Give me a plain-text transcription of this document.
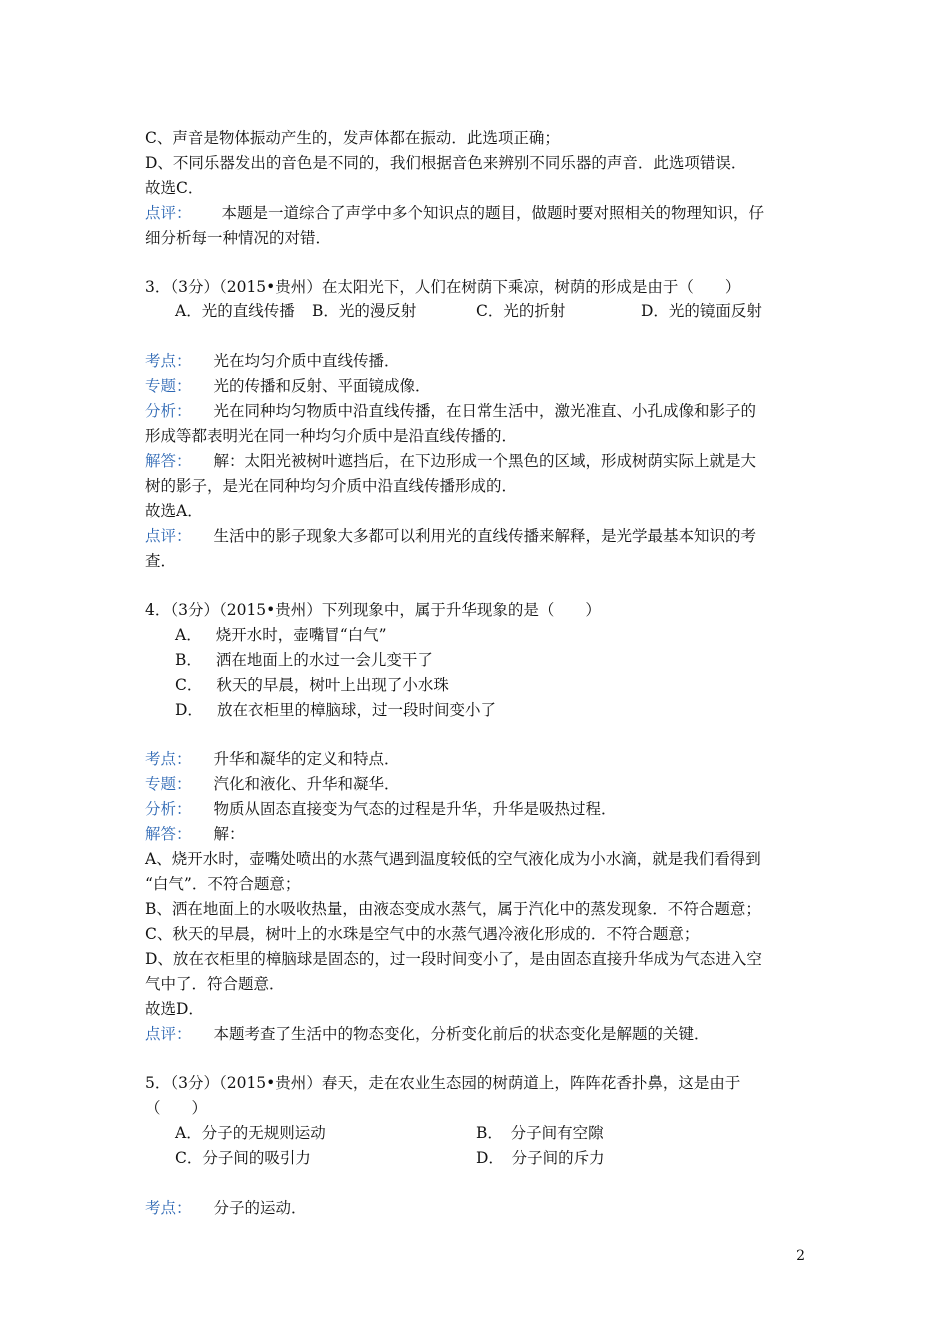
C、声音是物体振动产生的，发声体都在振动．此选项正确；
D、不同乐器发出的音色是不同的，我们根据音色来辨别不同乐器的声音．此选项错误．
故选C．
点评： 本题是一道综合了声学中多个知识点的题目，做题时要对照相关的物理知识，仔
细分析每一种情况的对错．
3．（3分）（2015•贵州）在太阳光下，人们在树荫下乘凉，树荫的形成是由于（　　）
A．光的直线传播 B．光的漫反射	C．光的折射	D．光的镜面反射
考点： 光在均匀介质中直线传播．
专题： 光的传播和反射、平面镜成像．
分析： 光在同种均匀物质中沿直线传播，在日常生活中，激光准直、小孔成像和影子的
形成等都表明光在同一种均匀介质中是沿直线传播的．
解答： 解：太阳光被树叶遮挡后，在下边形成一个黑色的区域，形成树荫实际上就是大
树的影子，是光在同种均匀介质中沿直线传播形成的．
故选A．
点评： 生活中的影子现象大多都可以利用光的直线传播来解释，是光学最基本知识的考
查．
4．（3分）（2015•贵州）下列现象中，属于升华现象的是（　　）
A． 烧开水时，壶嘴冒“白气”
B． 洒在地面上的水过一会儿变干了
C． 秋天的早晨，树叶上出现了小水珠
D． 放在衣柜里的樟脑球，过一段时间变小了
考点： 升华和凝华的定义和特点．
专题： 汽化和液化、升华和凝华．
分析： 物质从固态直接变为气态的过程是升华，升华是吸热过程．
解答： 解：
A、烧开水时，壶嘴处喷出的水蒸气遇到温度较低的空气液化成为小水滴，就是我们看得到
“白气”．不符合题意；
B、洒在地面上的水吸收热量，由液态变成水蒸气，属于汽化中的蒸发现象．不符合题意；
C、秋天的早晨，树叶上的水珠是空气中的水蒸气遇冷液化形成的．不符合题意；
D、放在衣柜里的樟脑球是固态的，过一段时间变小了，是由固态直接升华成为气态进入空
气中了．符合题意．
故选D．
点评： 本题考查了生活中的物态变化，分析变化前后的状态变化是解题的关键．
5．（3分）（2015•贵州）春天，走在农业生态园的树荫道上，阵阵花香扑鼻，这是由于
（　　）
A．分子的无规则运动	B．　分子间有空隙
C．分子间的吸引力	D．　分子间的斥力
考点： 分子的运动．
2
